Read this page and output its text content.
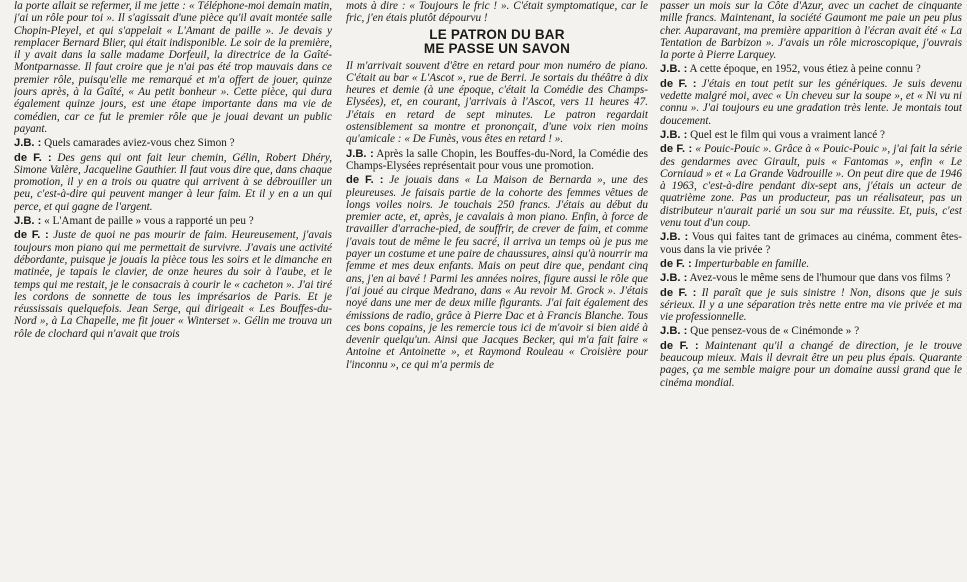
la porte allait se refermer, il me jette : « Téléphone-moi demain matin, j'ai un rôle pour toi ». Il s'agissait d'une pièce qu'il avait montée salle Chopin-Pleyel, et qui s'appelait « L'Amant de paille ». Je devais y remplacer Bernard Blier, qui était indisponible. Le soir de la première, il y avait dans la salle madame Dorfeuil, la directrice de la Gaîté-Montparnasse. Il faut croire que je n'ai pas été trop mauvais dans ce premier rôle, puisqu'elle me remarqué et m'a offert de jouer, quinze jours après, à la Gaîté, « Au petit bonheur ». Cette pièce, qui dura également quinze jours, est une étape importante dans ma vie de comédien, car ce fut le premier rôle que je jouai devant un public payant.

J.B. : Quels camarades aviez-vous chez Simon ?

de F. : Des gens qui ont fait leur chemin, Gélin, Robert Dhéry, Simone Valère, Jacqueline Gauthier. Il faut vous dire que, dans chaque promotion, il y en a trois ou quatre qui arrivent à se débrouiller un peu, c'est-à-dire qui peuvent manger à leur faim. Et il y en a un qui perce, et qui gagne de l'argent.

J.B. : « L'Amant de paille » vous a rapporté un peu ?

de F. : Juste de quoi ne pas mourir de faim. Heureusement, j'avais toujours mon piano qui me permettait de survivre. J'avais une activité débordante, puisque je jouais la pièce tous les soirs et le dimanche en matinée, je tapais le clavier, de onze heures du soir à l'aube, et le temps qui me restait, je le consacrais à courir le « cacheton ». J'ai tiré les cordons de sonnette de tous les imprésarios de Paris. Et je réussissais quelquefois. Jean Serge, qui dirigeait « Les Bouffes-du-Nord », à La Chapelle, me fit jouer « Winterset ». Gélin me trouva un rôle de clochard qui n'avait que trois

mots à dire : « Toujours le fric ! ». C'était symptomatique, car le fric, j'en étais plutôt dépourvu !

LE PATRON DU BAR
ME PASSE UN SAVON

Il m'arrivait souvent d'être en retard pour mon numéro de piano. C'était au bar « L'Ascot », rue de Berri. Je sortais du théâtre à dix heures et demie (à une époque, c'était la Comédie des Champs-Elysées), et, en courant, j'arrivais à l'Ascot, vers 11 heures 47. J'étais en retard de sept minutes. Le patron regardait ostensiblement sa montre et prononçait, d'une voix rien moins qu'amicale : « De Funès, vous êtes en retard ! ».

J.B. : Après la salle Chopin, les Bouffes-du-Nord, la Comédie des Champs-Elysées représentait pour vous une promotion.

de F. : Je jouais dans « La Maison de Bernarda », une des pleureuses. Je faisais partie de la cohorte des femmes vêtues de longs voiles noirs. Je touchais 250 francs. J'étais au début du premier acte, et, après, je cavalais à mon piano. Enfin, à force de travailler d'arrache-pied, de souffrir, de crever de faim, et comme j'avais tout de même le feu sacré, il arriva un temps où je pus me payer un costume et une paire de chaussures, ainsi qu'à nourrir ma femme et mes deux enfants. Mais on peut dire que, pendant cinq ans, j'en ai bavé ! Parmi les années noires, figure aussi le rôle que j'ai joué au cirque Medrano, dans « Au revoir M. Grock ». J'étais noyé dans une mer de deux mille figurants. J'ai fait également des émissions de radio, grâce à Pierre Dac et à Francis Blanche. Tous ces bons copains, je les remercie tous ici de m'avoir si bien aidé à devenir quelqu'un. Ainsi que Jacques Becker, qui m'a fait faire « Antoine et Antoinette », et Raymond Rouleau « Croisière pour l'inconnu », ce qui m'a permis de

passer un mois sur la Côte d'Azur, avec un cachet de cinquante mille francs. Maintenant, la société Gaumont me paie un peu plus cher. Auparavant, ma première apparition à l'écran avait été « La Tentation de Barbizon ». J'avais un rôle microscopique, j'ouvrais la porte à Pierre Larquey.

J.B. : A cette époque, en 1952, vous étiez à peine connu ?

de F. : J'étais en tout petit sur les génériques. Je suis devenu vedette malgré moi, avec « Un cheveu sur la soupe », et « Ni vu ni connu ». J'ai toujours eu une gradation très lente. Je montais tout doucement.

J.B. : Quel est le film qui vous a vraiment lancé ?

de F. : « Pouic-Pouic ». Grâce à « Pouic-Pouic », j'ai fait la série des gendarmes avec Girault, puis « Fantomas », enfin « Le Corniaud » et « La Grande Vadrouille ». On peut dire que de 1946 à 1963, c'est-à-dire pendant dix-sept ans, j'étais un acteur de quatrième zone. Pas un producteur, pas un réalisateur, pas un distributeur n'aurait parié un sou sur ma réussite. Et, puis, c'est venu tout d'un coup.

J.B. : Vous qui faites tant de grimaces au cinéma, comment êtes-vous dans la vie privée ?

de F. : Imperturbable en famille.

J.B. : Avez-vous le même sens de l'humour que dans vos films ?

de F. : Il paraît que je suis sinistre ! Non, disons que je suis sérieux. Il y a une séparation très nette entre ma vie privée et ma vie professionnelle.

J.B. : Que pensez-vous de « Cinémonde » ?

de F. : Maintenant qu'il a changé de direction, je le trouve beaucoup mieux. Mais il devrait être un peu plus épais. Quarante pages, ça me semble maigre pour un domaine aussi grand que le cinéma mondial.
